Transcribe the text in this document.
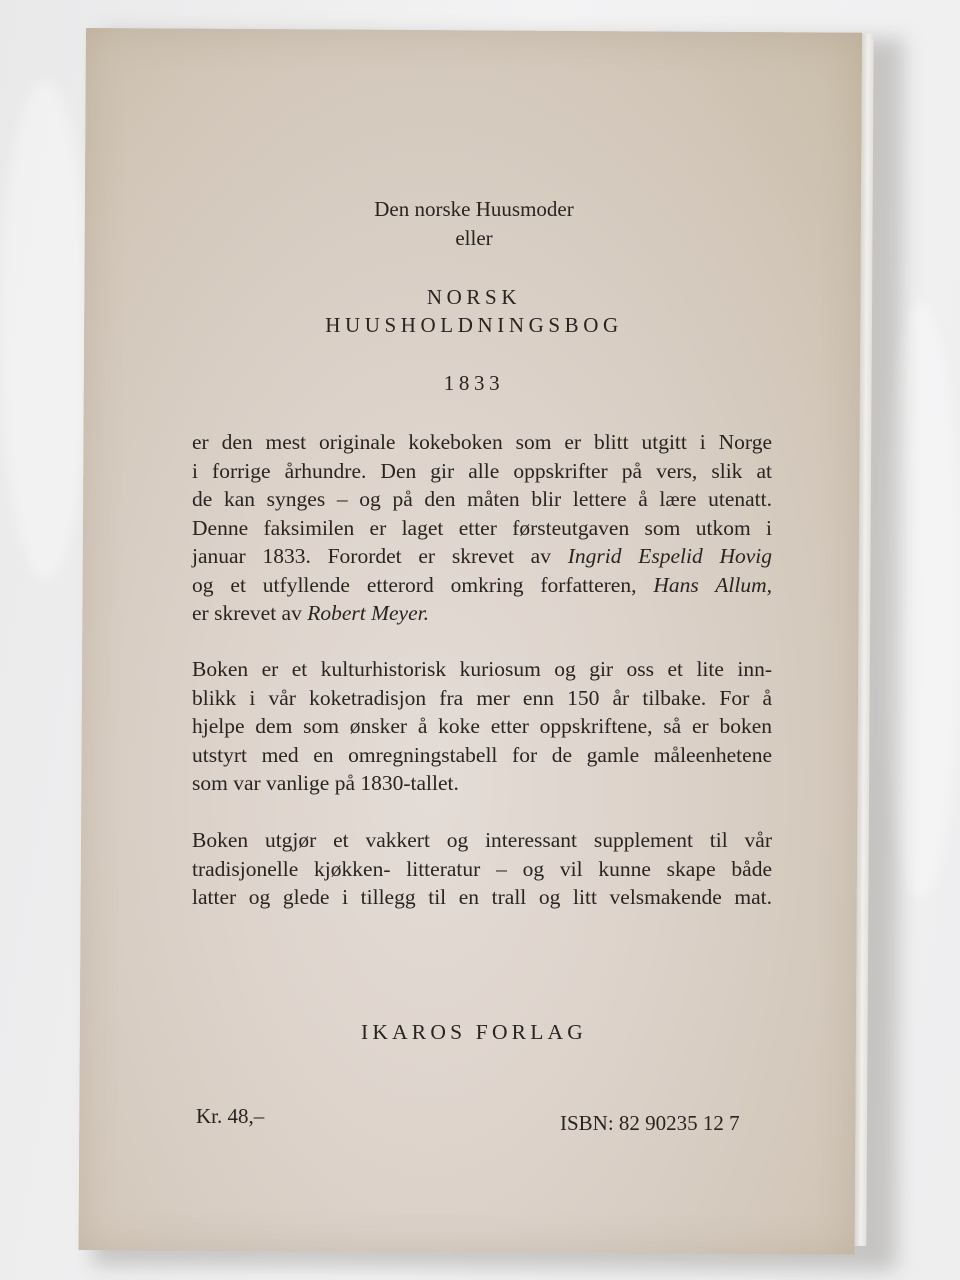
Den norske Huusmoder
eller
NORSK
HUUSHOLDNINGSBOG
1833
er den mest originale kokeboken som er blitt utgitt i Norge
i forrige århundre. Den gir alle oppskrifter på vers, slik at
de kan synges – og på den måten blir lettere å lære utenatt.
Denne faksimilen er laget etter førsteutgaven som utkom i
januar 1833. Forordet er skrevet av Ingrid Espelid Hovig
og et utfyllende etterord omkring forfatteren, Hans Allum,
er skrevet av Robert Meyer.
Boken er et kulturhistorisk kuriosum og gir oss et lite inn-
blikk i vår koketradisjon fra mer enn 150 år tilbake. For å
hjelpe dem som ønsker å koke etter oppskriftene, så er boken
utstyrt med en omregningstabell for de gamle måleenhetene
som var vanlige på 1830-tallet.
Boken utgjør et vakkert og interessant supplement til vår
tradisjonelle kjøkken- litteratur – og vil kunne skape både
latter og glede i tillegg til en trall og litt velsmakende mat.
IKAROS FORLAG
Kr. 48,–	ISBN: 82 90235 12 7
